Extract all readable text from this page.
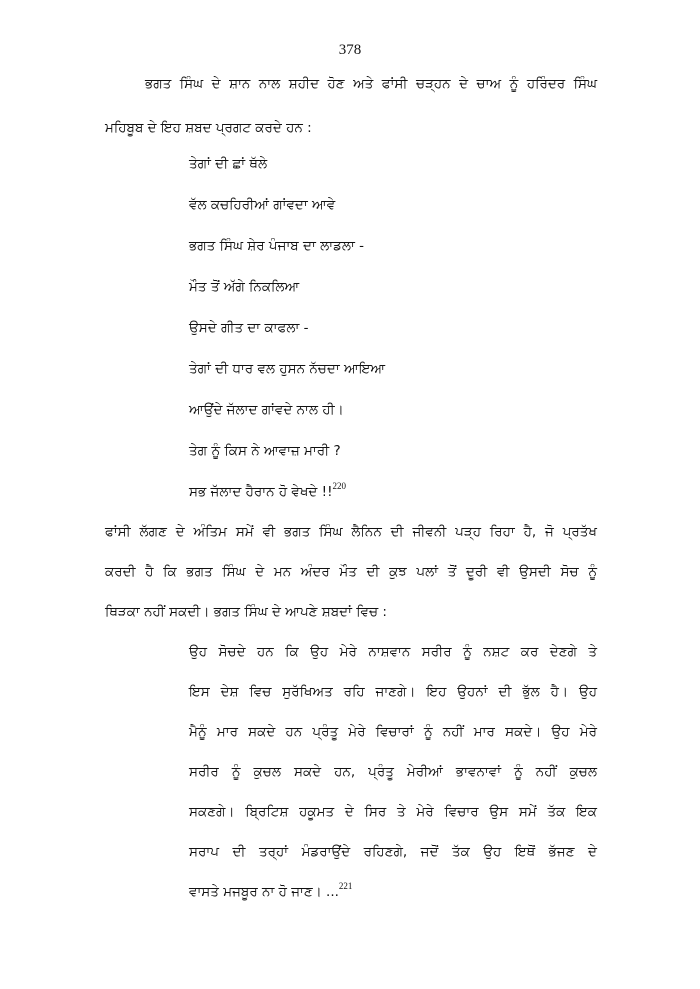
378
ਭਗਤ ਸਿੰਘ ਦੇ ਸ਼ਾਨ ਨਾਲ ਸ਼ਹੀਦ ਹੋਣ ਅਤੇ ਫਾਂਸੀ ਚੜ੍ਹਨ ਦੇ ਚਾਅ ਨੂੰ ਹਰਿੰਦਰ ਸਿੰਘ
ਮਹਿਬੂਬ ਦੇ ਇਹ ਸ਼ਬਦ ਪ੍ਰਗਟ ਕਰਦੇ ਹਨ :
ਤੇਗਾਂ ਦੀ ਛਾਂ ਥੱਲੇ
ਵੱਲ ਕਚਹਿਰੀਆਂ ਗਾਂਵਦਾ ਆਵੇ
ਭਗਤ ਸਿੰਘ ਸ਼ੇਰ ਪੰਜਾਬ ਦਾ ਲਾਡਲਾ -
ਮੌਤ ਤੋਂ ਅੱਗੇ ਨਿਕਲਿਆ
ਉਸਦੇ ਗੀਤ ਦਾ ਕਾਫਲਾ -
ਤੇਗਾਂ ਦੀ ਧਾਰ ਵਲ ਹੁਸਨ ਨੱਚਦਾ ਆਇਆ
ਆਉਂਦੇ ਜੱਲਾਦ ਗਾਂਵਦੇ ਨਾਲ ਹੀ।
ਤੇਗ ਨੂੰ ਕਿਸ ਨੇ ਆਵਾਜ਼ ਮਾਰੀ ?
ਸਭ ਜੱਲਾਦ ਹੈਰਾਨ ਹੋ ਵੇਖਦੇ !!$^{220}$
ਫਾਂਸੀ ਲੱਗਣ ਦੇ ਅੰਤਿਮ ਸਮੇਂ ਵੀ ਭਗਤ ਸਿੰਘ ਲੈਨਿਨ ਦੀ ਜੀਵਨੀ ਪੜ੍ਹ ਰਿਹਾ ਹੈ, ਜੋ ਪ੍ਰਤੱਖ
ਕਰਦੀ ਹੈ ਕਿ ਭਗਤ ਸਿੰਘ ਦੇ ਮਨ ਅੰਦਰ ਮੌਤ ਦੀ ਕੁਝ ਪਲਾਂ ਤੋਂ ਦੂਰੀ ਵੀ ਉਸਦੀ ਸੋਚ ਨੂੰ
ਥਿੜਕਾ ਨਹੀਂ ਸਕਦੀ। ਭਗਤ ਸਿੰਘ ਦੇ ਆਪਣੇ ਸ਼ਬਦਾਂ ਵਿਚ :
ਉਹ ਸੋਚਦੇ ਹਨ ਕਿ ਉਹ ਮੇਰੇ ਨਾਸ਼ਵਾਨ ਸਰੀਰ ਨੂੰ ਨਸ਼ਟ ਕਰ ਦੇਣਗੇ ਤੇ
ਇਸ ਦੇਸ਼ ਵਿਚ ਸੁਰੱਖਿਅਤ ਰਹਿ ਜਾਣਗੇ। ਇਹ ਉਹਨਾਂ ਦੀ ਭੁੱਲ ਹੈ। ਉਹ
ਮੈਨੂੰ ਮਾਰ ਸਕਦੇ ਹਨ ਪ੍ਰੰਤੂ ਮੇਰੇ ਵਿਚਾਰਾਂ ਨੂੰ ਨਹੀਂ ਮਾਰ ਸਕਦੇ। ਉਹ ਮੇਰੇ
ਸਰੀਰ ਨੂੰ ਕੁਚਲ ਸਕਦੇ ਹਨ, ਪ੍ਰੰਤੂ ਮੇਰੀਆਂ ਭਾਵਨਾਵਾਂ ਨੂੰ ਨਹੀਂ ਕੁਚਲ
ਸਕਣਗੇ। ਬ੍ਰਿਟਿਸ਼ ਹਕੂਮਤ ਦੇ ਸਿਰ ਤੇ ਮੇਰੇ ਵਿਚਾਰ ਉਸ ਸਮੇਂ ਤੱਕ ਇਕ
ਸਰਾਪ ਦੀ ਤਰ੍ਹਾਂ ਮੰਡਰਾਉਂਦੇ ਰਹਿਣਗੇ, ਜਦੋਂ ਤੱਕ ਉਹ ਇਥੋਂ ਭੱਜਣ ਦੇ
ਵਾਸਤੇ ਮਜਬੂਰ ਨਾ ਹੋ ਜਾਣ। ...$^{221}$
